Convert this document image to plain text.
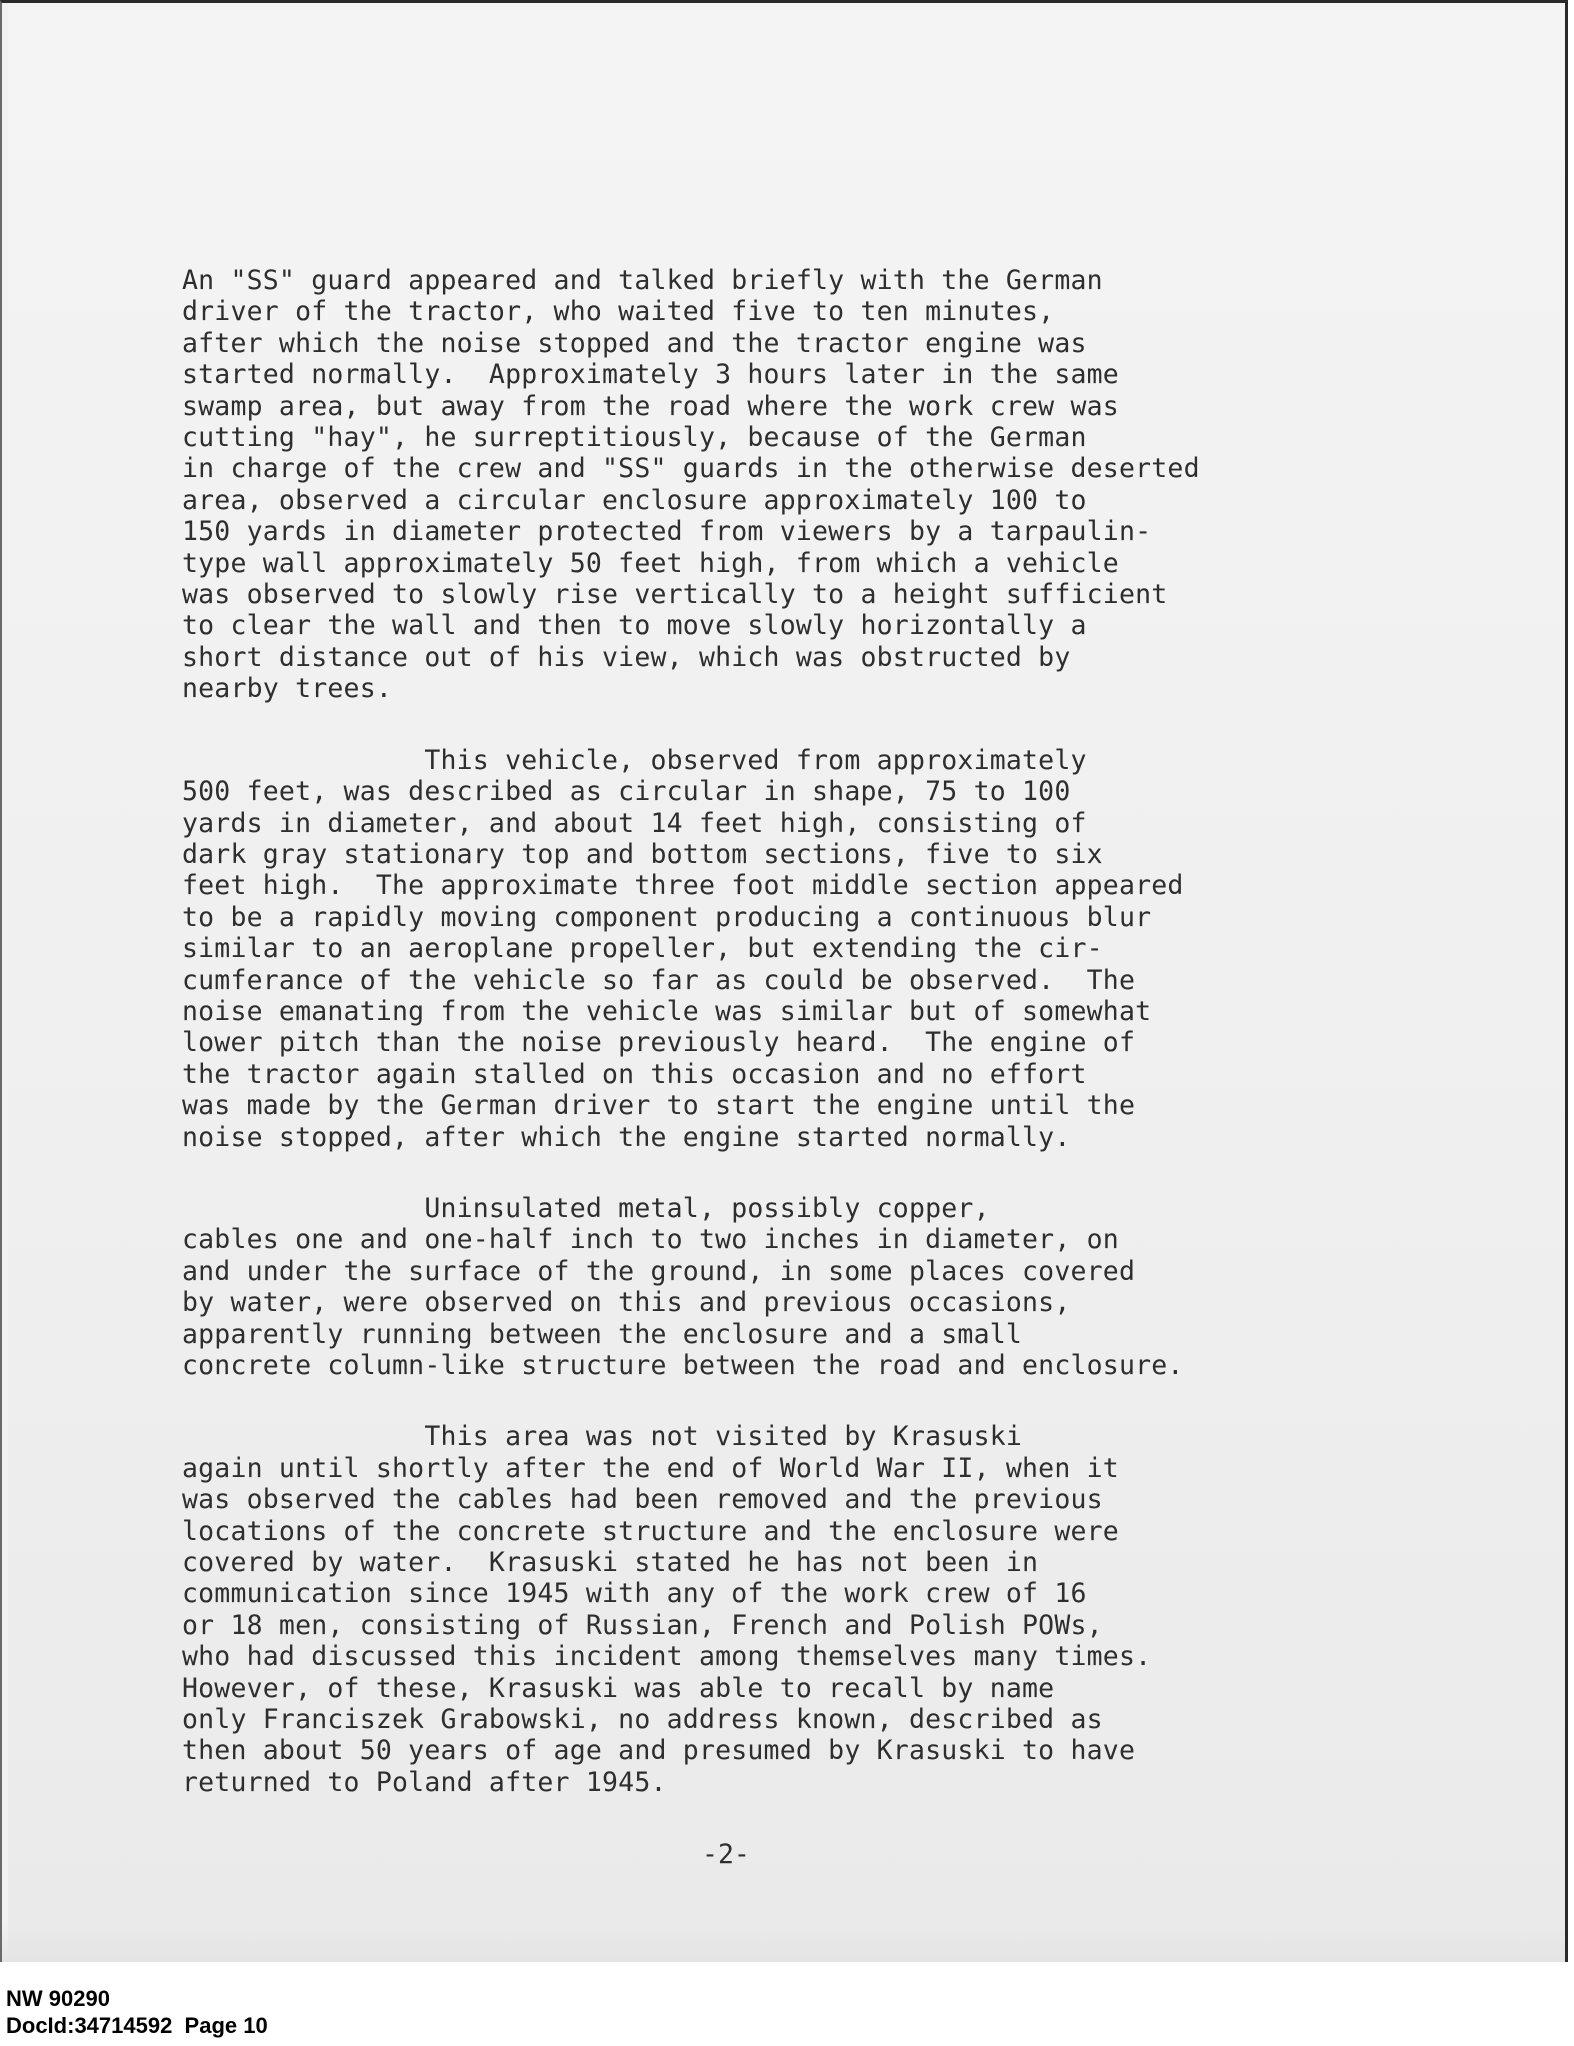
An "SS" guard appeared and talked briefly with the German
driver of the tractor, who waited five to ten minutes,
after which the noise stopped and the tractor engine was
started normally.  Approximately 3 hours later in the same
swamp area, but away from the road where the work crew was
cutting "hay", he surreptitiously, because of the German
in charge of the crew and "SS" guards in the otherwise deserted
area, observed a circular enclosure approximately 100 to
150 yards in diameter protected from viewers by a tarpaulin-
type wall approximately 50 feet high, from which a vehicle
was observed to slowly rise vertically to a height sufficient
to clear the wall and then to move slowly horizontally a
short distance out of his view, which was obstructed by
nearby trees.
This vehicle, observed from approximately
500 feet, was described as circular in shape, 75 to 100
yards in diameter, and about 14 feet high, consisting of
dark gray stationary top and bottom sections, five to six
feet high.  The approximate three foot middle section appeared
to be a rapidly moving component producing a continuous blur
similar to an aeroplane propeller, but extending the cir-
cumferance of the vehicle so far as could be observed.  The
noise emanating from the vehicle was similar but of somewhat
lower pitch than the noise previously heard.  The engine of
the tractor again stalled on this occasion and no effort
was made by the German driver to start the engine until the
noise stopped, after which the engine started normally.
Uninsulated metal, possibly copper,
cables one and one-half inch to two inches in diameter, on
and under the surface of the ground, in some places covered
by water, were observed on this and previous occasions,
apparently running between the enclosure and a small
concrete column-like structure between the road and enclosure.
This area was not visited by Krasuski
again until shortly after the end of World War II, when it
was observed the cables had been removed and the previous
locations of the concrete structure and the enclosure were
covered by water.  Krasuski stated he has not been in
communication since 1945 with any of the work crew of 16
or 18 men, consisting of Russian, French and Polish POWs,
who had discussed this incident among themselves many times.
However, of these, Krasuski was able to recall by name
only Franciszek Grabowski, no address known, described as
then about 50 years of age and presumed by Krasuski to have
returned to Poland after 1945.
-2-
NW 90290
DocId:34714592  Page 10
